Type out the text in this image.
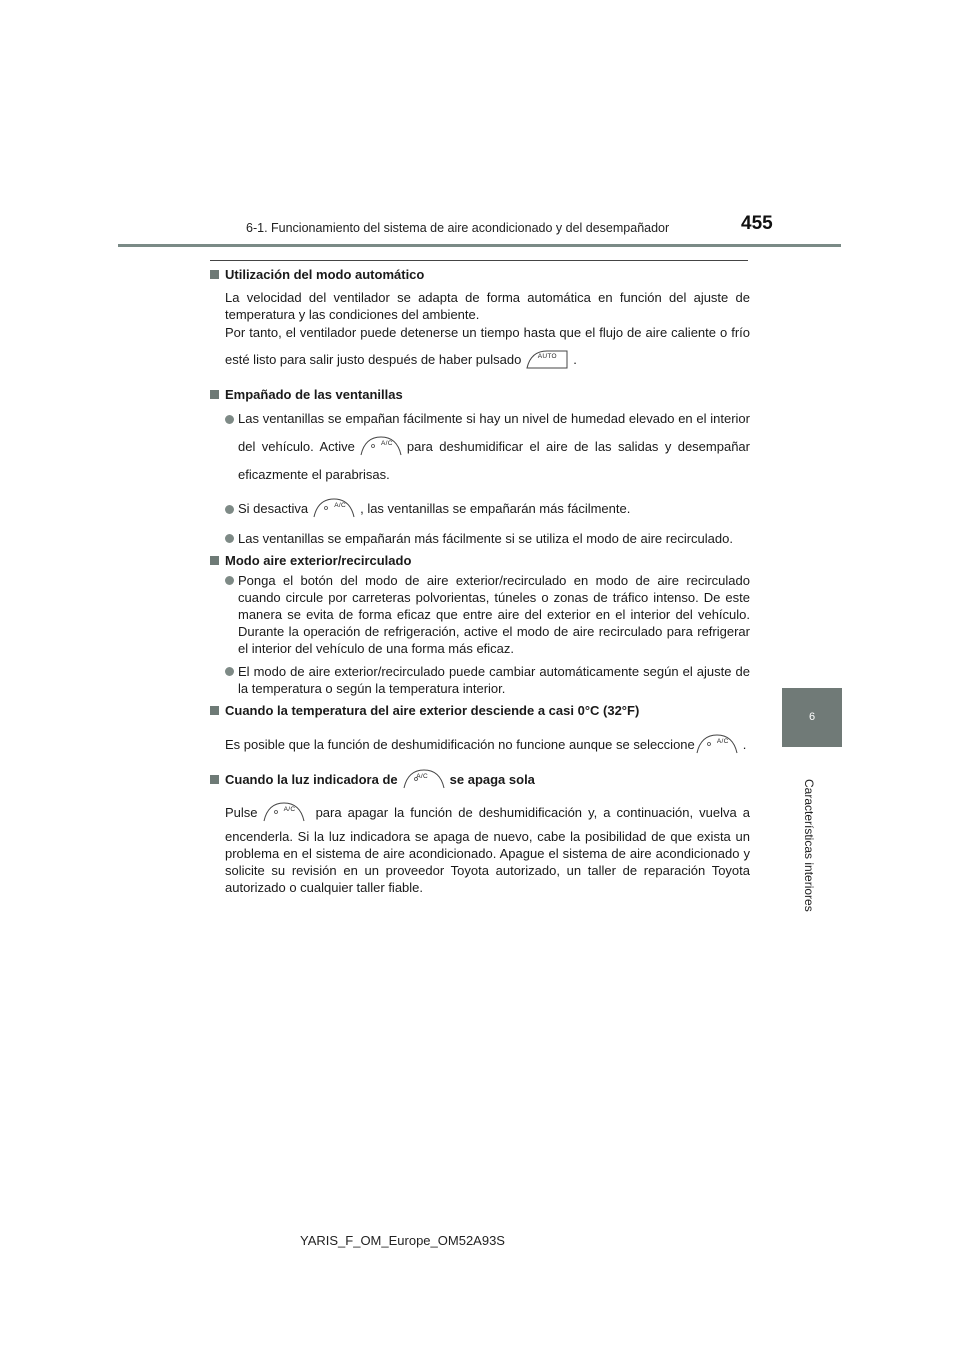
6-1. Funcionamiento del sistema de aire acondicionado y del desempañador	455
6
Características interiores
Utilización del modo automático
La velocidad del ventilador se adapta de forma automática en función del ajuste de temperatura y las condiciones del ambiente.
Por tanto, el ventilador puede detenerse un tiempo hasta que el flujo de aire caliente o frío esté listo para salir justo después de haber pulsado	AUTO	.
Empañado de las ventanillas
Las ventanillas se empañan fácilmente si hay un nivel de humedad elevado en el interior del vehículo. Active	A/C	para deshumidificar el aire de las salidas y desempañar eficazmente el parabrisas.
Si desactiva	A/C	, las ventanillas se empañarán más fácilmente.
Las ventanillas se empañarán más fácilmente si se utiliza el modo de aire recirculado.
Modo aire exterior/recirculado
Ponga el botón del modo de aire exterior/recirculado en modo de aire recirculado cuando circule por carreteras polvorientas, túneles o zonas de tráfico intenso. De este manera se evita de forma eficaz que entre aire del exterior en el interior del vehículo. Durante la operación de refrigeración, active el modo de aire recirculado para refrigerar el interior del vehículo de una forma más eficaz.
El modo de aire exterior/recirculado puede cambiar automáticamente según el ajuste de la temperatura o según la temperatura interior.
Cuando la temperatura del aire exterior desciende a casi 0°C (32°F)
Es posible que la función de deshumidificación no funcione aunque se seleccione	A/C	.
Cuando la luz indicadora de	A/C	se apaga sola
Pulse	A/C	para apagar la función de deshumidificación y, a continuación, vuelva a encenderla. Si la luz indicadora se apaga de nuevo, cabe la posibilidad de que exista un problema en el sistema de aire acondicionado. Apague el sistema de aire acondicionado y solicite su revisión en un proveedor Toyota autorizado, un taller de reparación Toyota autorizado o cualquier taller fiable.
YARIS_F_OM_Europe_OM52A93S
